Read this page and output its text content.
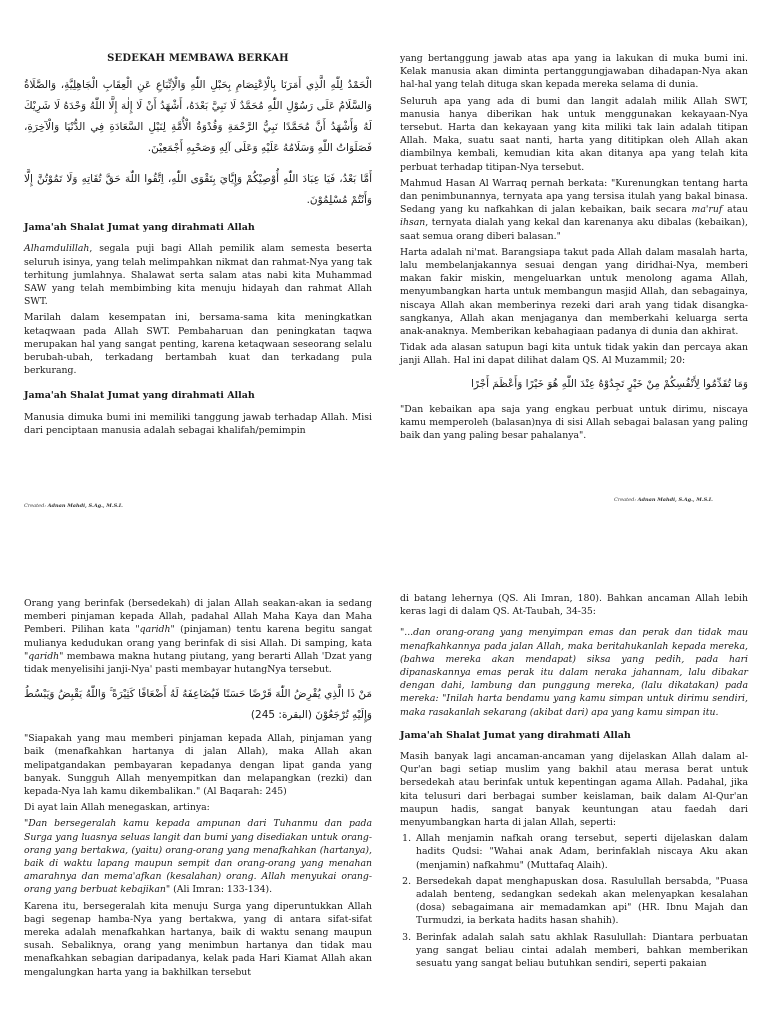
SEDEKAH MEMBAWA BERKAH
الْحَمْدُ لِلّٰهِ الَّذِي أَمَرَنَا بِالْاِعْتِصَامِ بِحَبْلِ اللّٰهِ وَالْاِتِّبَاعِ عَنِ الْعِقَابِ الْجَاهِلِيَّةِ، وَالصَّلَاةُ وَالسَّلَامُ عَلَى رَسُوْلِ اللّٰهِ مُحَمَّدٌ لَا نَبِيَّ بَعْدَهُ، أَشْهَدُ أَنْ لَا إِلٰهَ إِلَّا اللّٰهُ وَحْدَهُ لَا شَرِيْكَ لَهُ وَأَشْهَدُ أَنَّ مُحَمَّدًا نَبِيُّ الرَّحْمَةِ وَقُدْوَةُ الْأُمَّةِ لِنَيْلِ السَّعَادَةِ فِي الدُّنْيَا وَالْآخِرَةِ، فَصَلَوَاتُ اللّٰهِ وَسَلَامُهُ عَلَيْهِ وَعَلَى آلِهِ وَصَحْبِهِ أَجْمَعِيْنَ.
أَمَّا بَعْدُ، فَيَا عِبَادَ اللّٰهِ أُوْصِيْكُمْ وَإِيَّايَ بِتَقْوَى اللّٰهِ، اِتَّقُوا اللّٰهَ حَقَّ تُقَاتِهِ وَلَا تَمُوْتُنَّ إِلَّا وَأَنْتُمْ مُسْلِمُوْنَ.
Jama'ah Shalat Jumat yang dirahmati Allah

Alhamdulillah, segala puji bagi Allah pemilik alam semesta beserta seluruh isinya, yang telah melimpahkan nikmat dan rahmat-Nya yang tak terhitung jumlahnya. Shalawat serta salam atas nabi kita Muhammad SAW yang telah membimbing kita menuju hidayah dan rahmat Allah SWT.

Marilah dalam kesempatan ini, bersama-sama kita meningkatkan ketaqwaan pada Allah SWT. Pembaharuan dan peningkatan taqwa merupakan hal yang sangat penting, karena ketaqwaan seseorang selalu berubah-ubah, terkadang bertambah kuat dan terkadang pula berkurang.

Jama'ah Shalat Jumat yang dirahmati Allah

Manusia dimuka bumi ini memiliki tanggung jawab terhadap Allah. Misi dari penciptaan manusia adalah sebagai khalifah/pemimpin

Created: Adnan Mahdi, S.Ag., M.S.I.

yang bertanggung jawab atas apa yang ia lakukan di muka bumi ini. Kelak manusia akan diminta pertanggungjawaban dihadapan-Nya akan hal-hal yang telah dituga skan kepada mereka selama di dunia.

Seluruh apa yang ada di bumi dan langit adalah milik Allah SWT, manusia hanya diberikan hak untuk menggunakan kekayaan-Nya tersebut. Harta dan kekayaan yang kita miliki tak lain adalah titipan Allah. Maka, suatu saat nanti, harta yang dititipkan oleh Allah akan diambilnya kembali, kemudian kita akan ditanya apa yang telah kita perbuat terhadap titipan-Nya tersebut.

Mahmud Hasan Al Warraq pernah berkata: "Kurenungkan tentang harta dan penimbunannya, ternyata apa yang tersisa itulah yang bakal binasa. Sedang yang ku nafkahkan di jalan kebaikan, baik secara ma'ruf atau ihsan, ternyata dialah yang kekal dan karenanya aku dibalas (kebaikan), saat semua orang diberi balasan."

Harta adalah ni'mat. Barangsiapa takut pada Allah dalam masalah harta, lalu membelanjakannya sesuai dengan yang diridhai-Nya, memberi makan fakir miskin, mengeluarkan untuk menolong agama Allah, menyumbangkan harta untuk membangun masjid Allah, dan sebagainya, niscaya Allah akan memberinya rezeki dari arah yang tidak disangka-sangkanya, Allah akan menjaganya dan memberkahi keluarga serta anak-anaknya. Memberikan kebahagiaan padanya di dunia dan akhirat.

Tidak ada alasan satupun bagi kita untuk tidak yakin dan percaya akan janji Allah. Hal ini dapat dilihat dalam QS. Al Muzammil; 20:

وَمَا تُقَدِّمُوا لِأَنْفُسِكُمْ مِنْ خَيْرٍ تَجِدُوْهُ عِنْدَ اللّٰهِ هُوَ خَيْرًا وَأَعْظَمَ أَجْرًا

"Dan kebaikan apa saja yang engkau perbuat untuk dirimu, niscaya kamu memperoleh (balasan)nya di sisi Allah sebagai balasan yang paling baik dan yang paling besar pahalanya".

Created: Adnan Mahdi, S.Ag., M.S.I.

Orang yang berinfak (bersedekah) di jalan Allah seakan-akan ia sedang memberi pinjaman kepada Allah, padahal Allah Maha Kaya dan Maha Pemberi. Pilihan kata "qaridh" (pinjaman) tentu karena begitu sangat mulianya kedudukan orang yang berinfak di sisi Allah. Di samping, kata "qaridh" membawa makna hutang piutang, yang berarti Allah 'Dzat yang tidak menyelisihi janji-Nya' pasti membayar hutangNya tersebut.

مَنْ ذَا الَّذِي يُقْرِضُ اللّٰهَ قَرْضًا حَسَنًا فَيُضَاعِفَهُ لَهُ أَضْعَافًا كَثِيْرَةً ۚ وَاللّٰهُ يَقْبِضُ وَيَبْسُطُ وَإِلَيْهِ تُرْجَعُوْنَ (البقرة: 245)

"Siapakah yang mau memberi pinjaman kepada Allah, pinjaman yang baik (menafkahkan hartanya di jalan Allah), maka Allah akan melipatgandakan pembayaran kepadanya dengan lipat ganda yang banyak. Sungguh Allah menyempitkan dan melapangkan (rezki) dan kepada-Nya lah kamu dikembalikan." (Al Baqarah: 245)

Di ayat lain Allah menegaskan, artinya:

"Dan bersegeralah kamu kepada ampunan dari Tuhanmu dan pada Surga yang luasnya seluas langit dan bumi yang disediakan untuk orang-orang yang bertakwa, (yaitu) orang-orang yang menafkahkan (hartanya), baik di waktu lapang maupun sempit dan orang-orang yang menahan amarahnya dan mema'afkan (kesalahan) orang. Allah menyukai orang-orang yang berbuat kebajikan" (Ali Imran: 133-134).

Karena itu, bersegeralah kita menuju Surga yang diperuntukkan Allah bagi segenap hamba-Nya yang bertakwa, yang di antara sifat-sifat mereka adalah menafkahkan hartanya, baik di waktu senang maupun susah. Sebaliknya, orang yang menimbun hartanya dan tidak mau menafkahkan sebagian daripadanya, kelak pada Hari Kiamat Allah akan mengalungkan harta yang ia bakhilkan tersebut

di batang lehernya (QS. Ali Imran, 180). Bahkan ancaman Allah lebih keras lagi di dalam QS. At-Taubah, 34-35:

"...dan orang-orang yang menyimpan emas dan perak dan tidak mau menafkahkannya pada jalan Allah, maka beritahukanlah kepada mereka, (bahwa mereka akan mendapat) siksa yang pedih, pada hari dipanaskannya emas perak itu dalam neraka jahannam, lalu dibakar dengan dahi, lambung dan punggung mereka, (lalu dikatakan) pada mereka: "Inilah harta bendamu yang kamu simpan untuk dirimu sendiri, maka rasakanlah sekarang (akibat dari) apa yang kamu simpan itu.

Jama'ah Shalat Jumat yang dirahmati Allah

Masih banyak lagi ancaman-ancaman yang dijelaskan Allah dalam al-Qur'an bagi setiap muslim yang bakhil atau merasa berat untuk bersedekah atau berinfak untuk kepentingan agama Allah. Padahal, jika kita telusuri dari berbagai sumber keislaman, baik dalam Al-Qur'an maupun hadis, sangat banyak keuntungan atau faedah dari menyumbangkan harta di jalan Allah, seperti:

1. Allah menjamin nafkah orang tersebut, seperti dijelaskan dalam hadits Qudsi: "Wahai anak Adam, berinfaklah niscaya Aku akan (menjamin) nafkahmu" (Muttafaq Alaih).
2. Bersedekah dapat menghapuskan dosa. Rasulullah bersabda, "Puasa adalah benteng, sedangkan sedekah akan melenyapkan kesalahan (dosa) sebagaimana air memadamkan api" (HR. Ibnu Majah dan Turmudzi, ia berkata hadits hasan shahih).
3. Berinfak adalah salah satu akhlak Rasulullah: Diantara perbuatan yang sangat beliau cintai adalah memberi, bahkan memberikan sesuatu yang sangat beliau butuhkan sendiri, seperti pakaian
